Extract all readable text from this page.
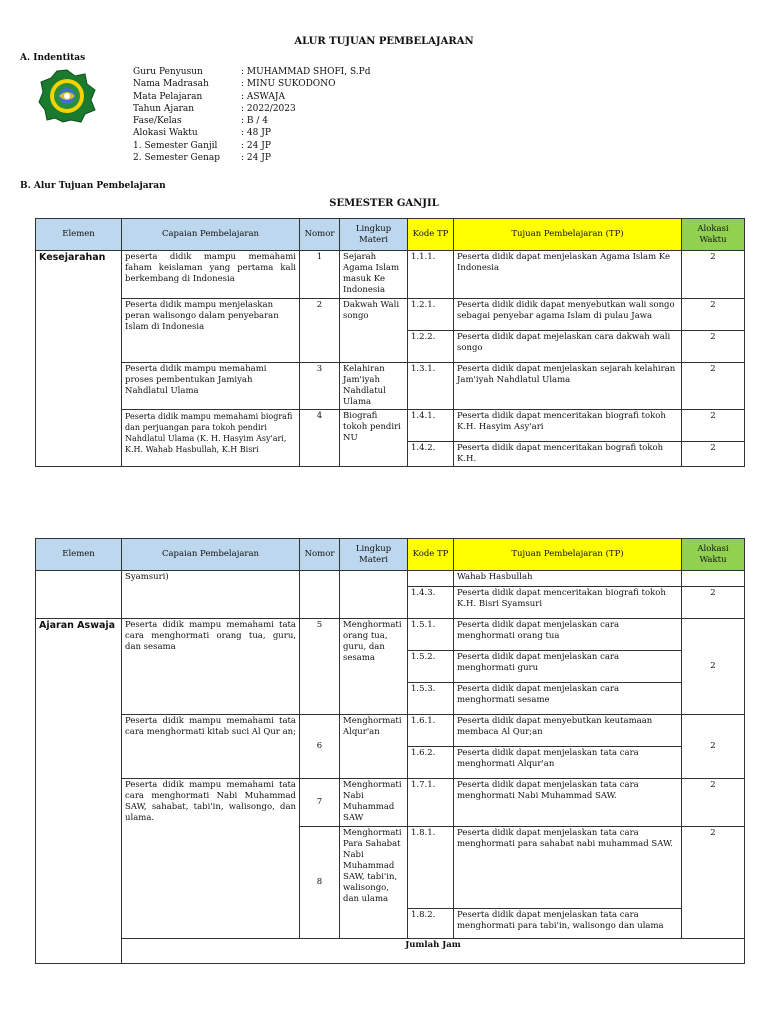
ALUR TUJUAN PEMBELAJARAN
A. Indentitas
Guru Penyusun	: MUHAMMAD SHOFI, S.Pd
Nama Madrasah	: MINU SUKODONO
Mata Pelajaran	: ASWAJA
Tahun Ajaran	: 2022/2023
Fase/Kelas	: B / 4
Alokasi Waktu	: 48 JP
1. Semester Ganjil	: 24 JP
2. Semester Genap	: 24 JP
B. Alur Tujuan Pembelajaran
SEMESTER GANJIL
Elemen	Capaian Pembelajaran	Nomor	Lingkup Materi	Kode TP	Tujuan Pembelajaran (TP)	Alokasi Waktu
Kesejarahan	peserta didik mampu memahami faham keislaman yang pertama kali berkembang di Indonesia	1	Sejarah Agama Islam masuk Ke Indonesia	1.1.1.	Peserta didik dapat menjelaskan Agama Islam Ke Indonesia	2
	Peserta didik mampu menjelaskan peran walisongo dalam penyebaran Islam di Indonesia	2	Dakwah Wali songo	1.2.1.	Peserta didik didik dapat menyebutkan wali songo sebagai penyebar agama Islam di pulau Jawa	2
				1.2.2.	Peserta didik dapat mejelaskan cara dakwah wali songo	2
	Peserta didik mampu memahami proses pembentukan Jamiyah Nahdlatul Ulama	3	Kelahiran Jam'iyah Nahdlatul Ulama	1.3.1.	Peserta didik dapat menjelaskan sejarah kelahiran Jam'iyah Nahdlatul Ulama	2
	Peserta didik mampu memahami biografi dan perjuangan para tokoh pendiri Nahdlatul Ulama (K. H. Hasyim Asy'ari, K.H. Wahab Hasbullah, K.H Bisri	4	Biografi tokoh pendiri NU	1.4.1.	Peserta didik dapat menceritakan biografi tokoh K.H. Hasyim Asy'ari	2
				1.4.2.	Peserta didik dapat menceritakan bografi tokoh K.H.	2
Elemen	Capaian Pembelajaran	Nomor	Lingkup Materi	Kode TP	Tujuan Pembelajaran (TP)	Alokasi Waktu	
	Syamsuri)				Wahab Hasbullah		
				1.4.3.	Peserta didik dapat menceritakan biografi tokoh K.H. Bisri Syamsuri	2	
Ajaran Aswaja	Peserta didik mampu memahami tata cara menghormati orang tua, guru, dan sesama	5	Menghormati orang tua, guru, dan sesama	1.5.1.	Peserta didik dapat menjelaskan cara menghormati orang tua	2	
				1.5.2.	Peserta didik dapat menjelaskan cara menghormati guru		
				1.5.3.	Peserta didik dapat menjelaskan cara menghormati sesame		
	Peserta didik mampu memahami tata cara menghormati kitab suci Al Qur an;	6	Menghormati Alqur'an	1.6.1.	Peserta didik dapat menyebutkan keutamaan membaca Al Qur;an	2	
				1.6.2.	Peserta didik dapat menjelaskan tata cara menghormati Alqur'an		
	Peserta didik mampu memahami tata cara menghormati Nabi Muhammad SAW, sahabat, tabi'in, walisongo, dan ulama.	7	Menghormati Nabi Muhammad SAW	1.7.1.	Peserta didik dapat menjelaskan tata cara menghormati Nabi Muhammad SAW.	2	
		8	Menghormati Para Sahabat Nabi Muhammad SAW, tabi'in, walisongo, dan ulama	1.8.1.	Peserta didik dapat menjelaskan tata cara menghormati para sahabat nabi muhammad SAW.	2	
				1.8.2.	Peserta didik dapat menjelaskan tata cara menghormati para tabi'in, walisongo dan ulama		
	Jumlah Jam	
